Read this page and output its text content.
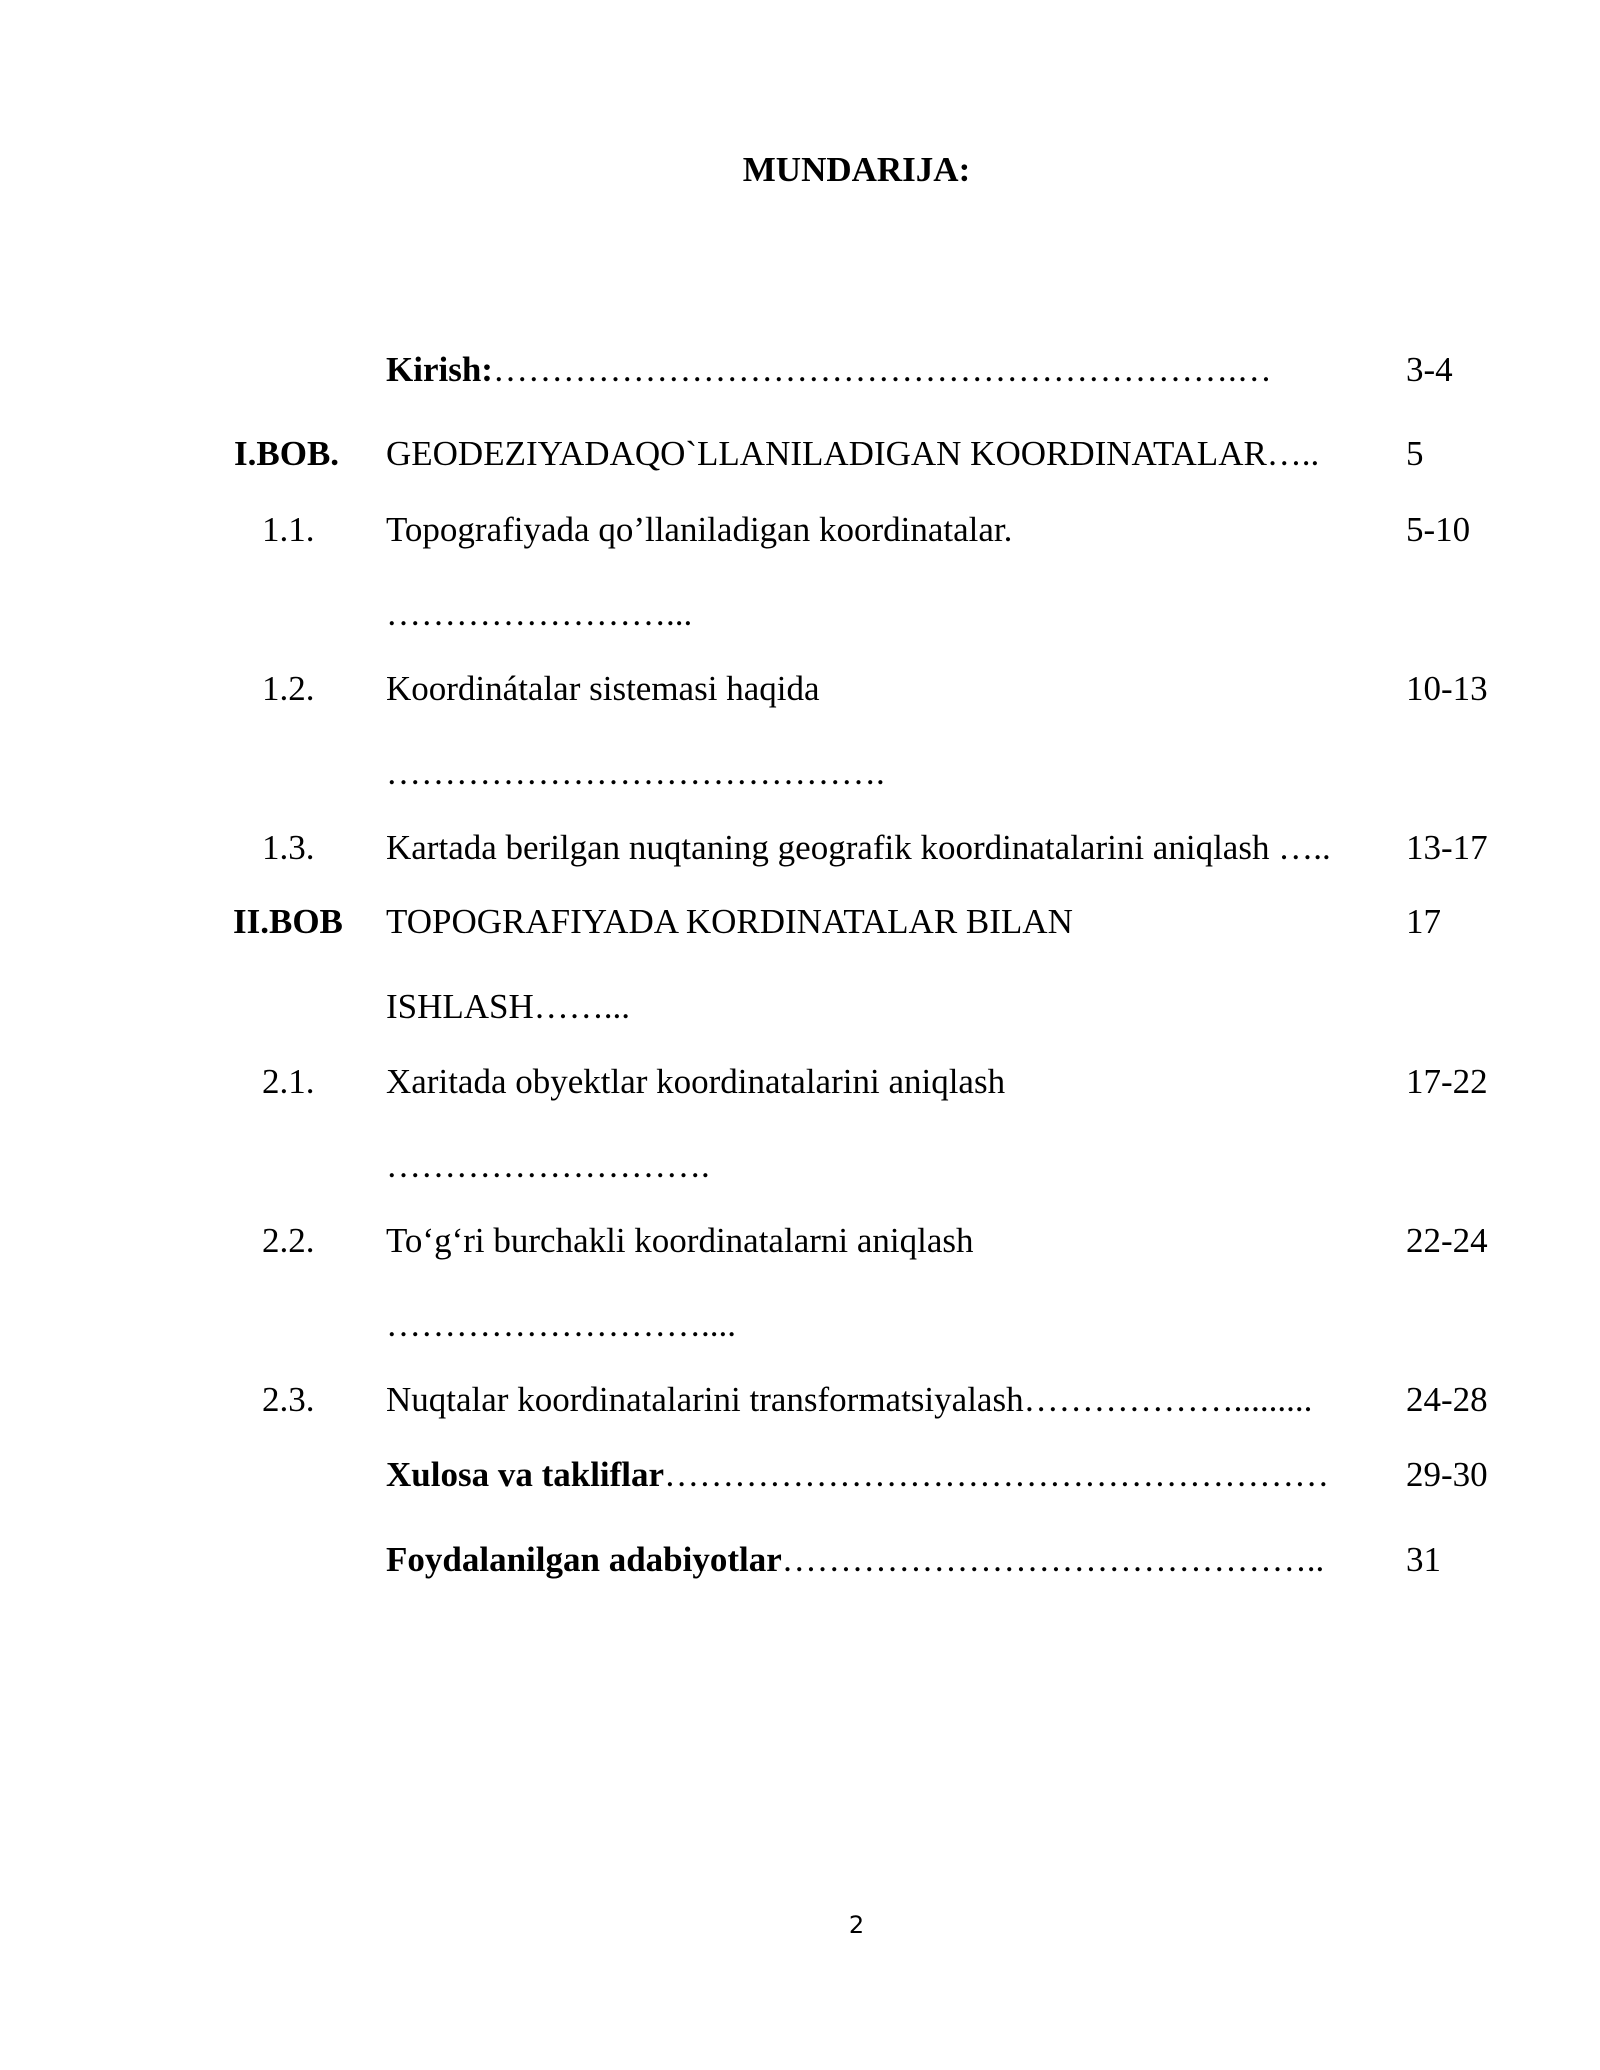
MUNDARIJA:
Kirish:……………………………………………………….…	3-4
I.BOB. GEODEZIYADAQO`LLANILADIGAN KOORDINATALAR….. 5
1.1. Topografiyada qo’llaniladigan koordinatalar.	5-10
……………………...
1.2. Koordinátalar sistemasi haqida	10-13
…………………………………….
1.3. Kartada berilgan nuqtaning geografik koordinatalarini aniqlash ….. 13-17
II.BOB TOPOGRAFIYADA KORDINATALAR BILAN	17
ISHLASH……...
2.1. Xaritada obyektlar koordinatalarini aniqlash	17-22
……………………….
2.2. To‘g‘ri burchakli koordinatalarni aniqlash	22-24
………………………....
2.3. Nuqtalar koordinatalarini transformatsiyalash……………….........	24-28
Xulosa va takliflar………………………………………………… 29-30
Foydalanilgan adabiyotlar……………………………………….. 31
2
